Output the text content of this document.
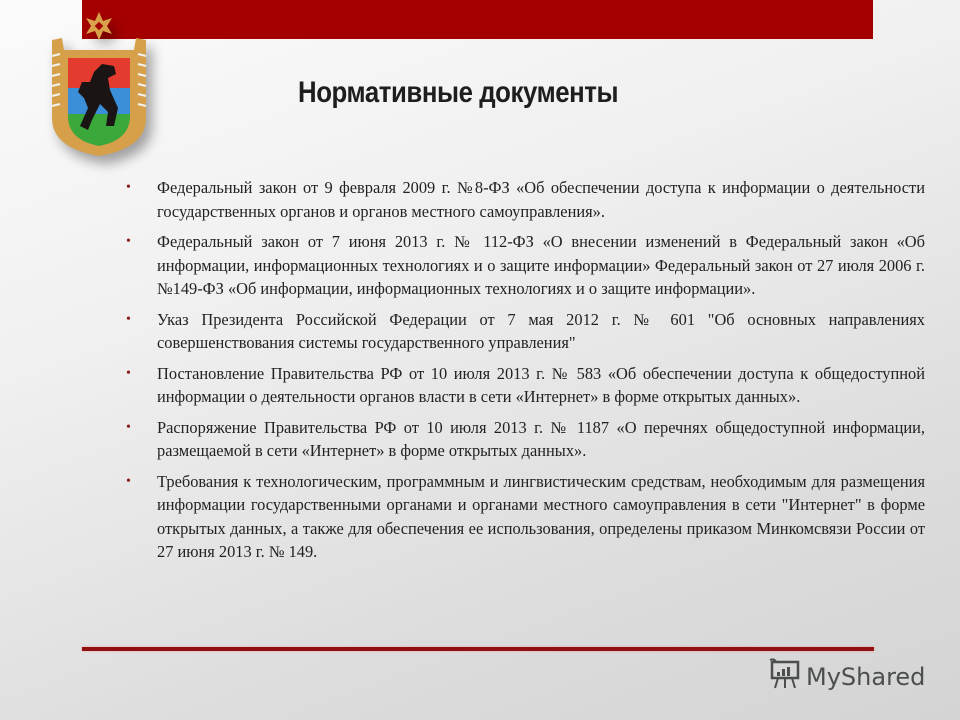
Нормативные документы
• Федеральный закон от 9 февраля 2009 г. №8-ФЗ «Об обеспечении доступа к информации о деятельности государственных органов и органов местного самоуправления».
• Федеральный закон от 7 июня 2013 г. № 112-ФЗ «О внесении изменений в Федеральный закон «Об информации, информационных технологиях и о защите информации» Федеральный закон от 27 июля 2006 г. №149-ФЗ «Об информации, информационных технологиях и о защите информации».
• Указ Президента Российской Федерации от 7 мая 2012 г. № 601 "Об основных направлениях совершенствования системы государственного управления"
• Постановление Правительства РФ от 10 июля 2013 г. № 583 «Об обеспечении доступа к общедоступной информации о деятельности органов власти в сети «Интернет» в форме открытых данных».
• Распоряжение Правительства РФ от 10 июля 2013 г. № 1187 «О перечнях общедоступной информации, размещаемой в сети «Интернет» в форме открытых данных».
• Требования к технологическим, программным и лингвистическим средствам, необходимым для размещения информации государственными органами и органами местного самоуправления в сети "Интернет" в форме открытых данных, а также для обеспечения ее использования, определены приказом Минкомсвязи России от 27 июня 2013 г. № 149.
MyShared
